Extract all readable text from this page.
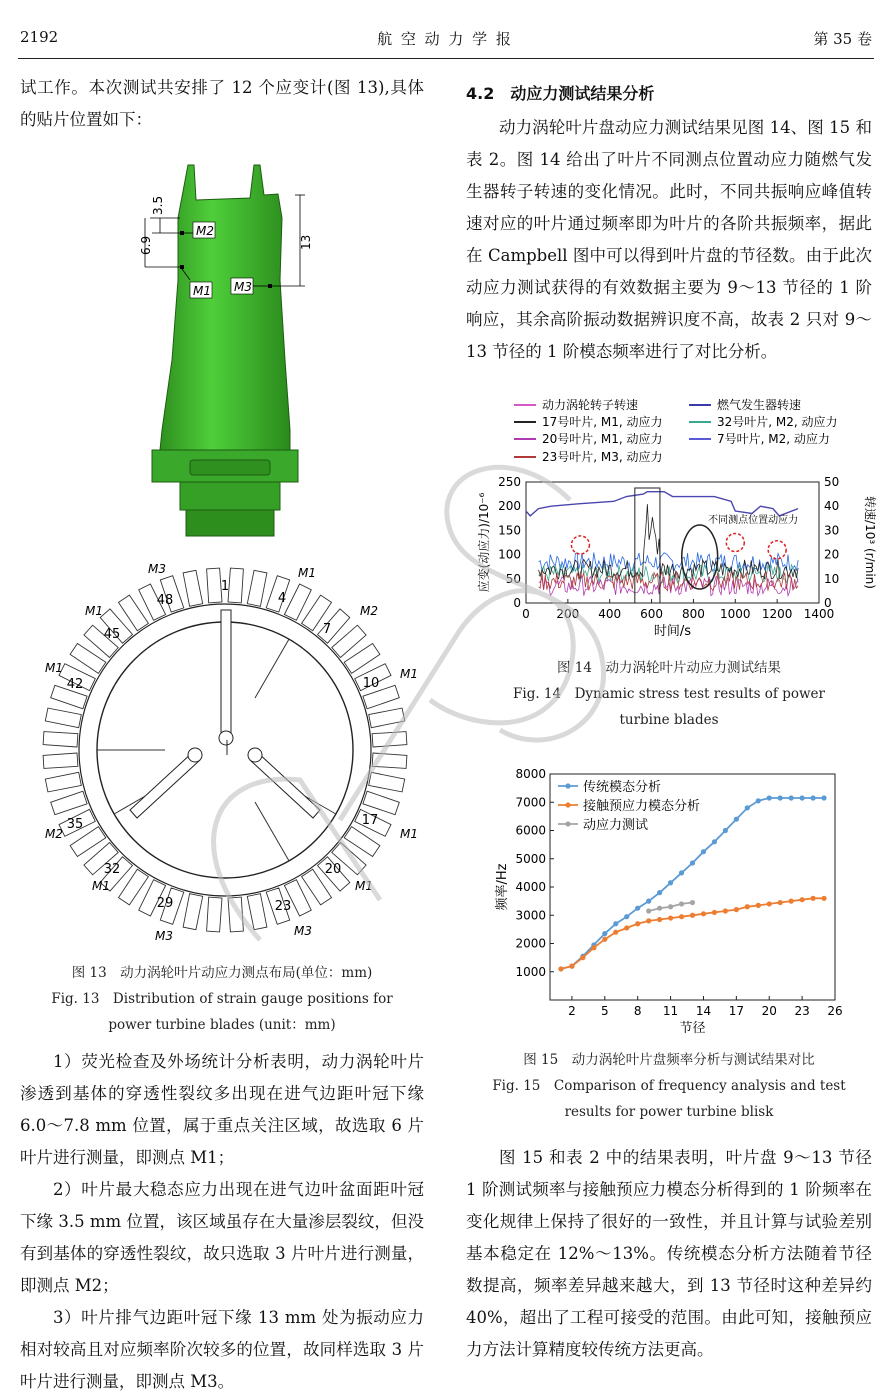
2192	航 空 动 力 学 报	第 35 卷

试工作。本次测试共安排了 12 个应变计(图 13),具体的贴片位置如下：

3.5
6.9	13
M2
M1 M3
1
4
7
10
17
20
23
29
32
35
42
45
48
M3	M1
M2
M1
M1
M1
M3
M3
M1
M2
M1
M1
图 13　动力涡轮叶片动应力测点布局(单位：mm)
Fig. 13　Distribution of strain gauge positions for
power turbine blades (unit：mm)

1）荧光检查及外场统计分析表明，动力涡轮叶片渗透到基体的穿透性裂纹多出现在进气边距叶冠下缘 6.0～7.8 mm 位置，属于重点关注区域，故选取 6 片叶片进行测量，即测点 M1；

2）叶片最大稳态应力出现在进气边叶盆面距叶冠下缘 3.5 mm 位置，该区域虽存在大量渗层裂纹，但没有到基体的穿透性裂纹，故只选取 3 片叶片进行测量，即测点 M2；

3）叶片排气边距叶冠下缘 13 mm 处为振动应力相对较高且对应频率阶次较多的位置，故同样选取 3 片叶片进行测量，即测点 M3。

4.2　动应力测试结果分析

动力涡轮叶片盘动应力测试结果见图 14、图 15 和表 2。图 14 给出了叶片不同测点位置动应力随燃气发生器转子转速的变化情况。此时，不同共振响应峰值转速对应的叶片通过频率即为叶片的各阶共振频率，据此在 Campbell 图中可以得到叶片盘的节径数。由于此次动应力测试获得的有效数据主要为 9～13 节径的 1 阶响应，其余高阶振动数据辨识度不高，故表 2 只对 9～13 节径的 1 阶模态频率进行了对比分析。

动力涡轮转子转速	燃气发生器转速
17号叶片, M1, 动应力	32号叶片, M2, 动应力
20号叶片, M1, 动应力	7号叶片, M2, 动应力
23号叶片, M3, 动应力
0 200 400 600 800 1000 1200 1400
0
50
100
150
200
250
0
10
20
30
40
50
时间/s
应变(动应力)/10⁻⁶	转速/10³ (r/min)
不同测点位置动应力
图 14　动力涡轮叶片动应力测试结果
Fig. 14　Dynamic stress test results of power
turbine blades
2 5 8 11 14 17 20 23 26
1000
2000
3000
4000
5000
6000
7000
8000
节径
频率/Hz
传统模态分析
接触预应力模态分析
动应力测试
图 15　动力涡轮叶片盘频率分析与测试结果对比
Fig. 15　Comparison of frequency analysis and test
results for power turbine blisk

图 15 和表 2 中的结果表明，叶片盘 9～13 节径 1 阶测试频率与接触预应力模态分析得到的 1 阶频率在变化规律上保持了很好的一致性，并且计算与试验差别基本稳定在 12%～13%。传统模态分析方法随着节径数提高，频率差异越来越大，到 13 节径时这种差异约 40%，超出了工程可接受的范围。由此可知，接触预应力方法计算精度较传统方法更高。

JPS
